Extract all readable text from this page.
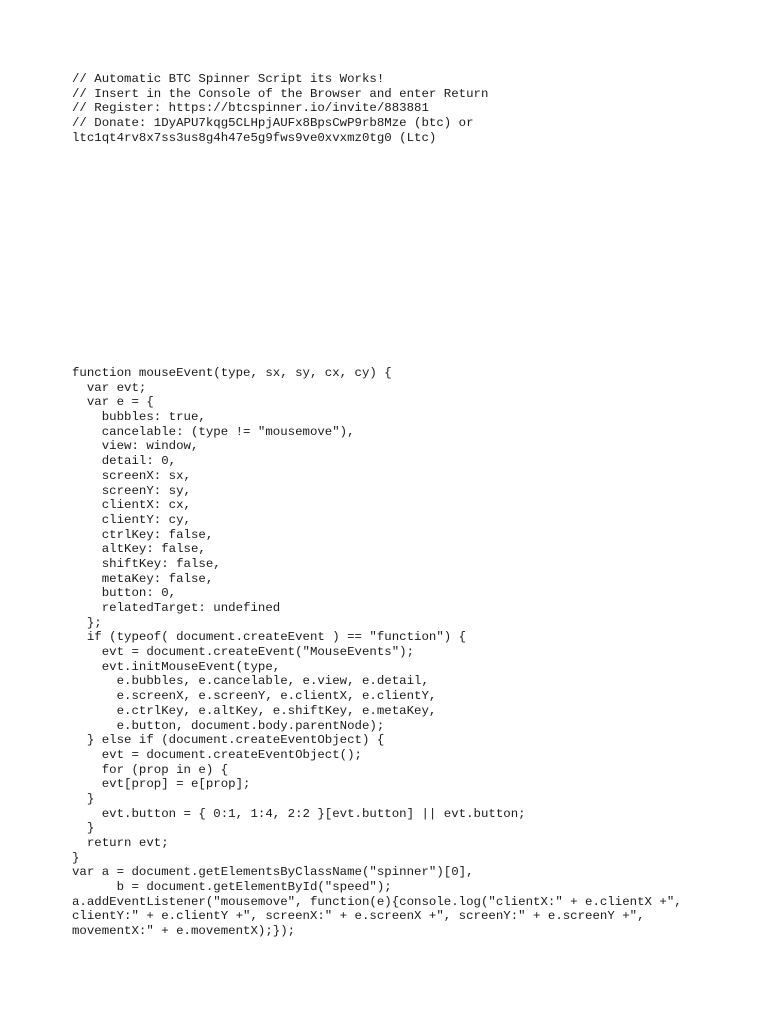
// Automatic BTC Spinner Script its Works!
// Insert in the Console of the Browser and enter Return
// Register: https://btcspinner.io/invite/883881
// Donate: 1DyAPU7kqg5CLHpjAUFx8BpsCwP9rb8Mze (btc) or
ltc1qt4rv8x7ss3us8g4h47e5g9fws9ve0xvxmz0tg0 (Ltc)
function mouseEvent(type, sx, sy, cx, cy) {
var evt;
var e = {
bubbles: true,
cancelable: (type != "mousemove"),
view: window,
detail: 0,
screenX: sx,
screenY: sy,
clientX: cx,
clientY: cy,
ctrlKey: false,
altKey: false,
shiftKey: false,
metaKey: false,
button: 0,
relatedTarget: undefined
};
if (typeof( document.createEvent ) == "function") {
evt = document.createEvent("MouseEvents");
evt.initMouseEvent(type,
e.bubbles, e.cancelable, e.view, e.detail,
e.screenX, e.screenY, e.clientX, e.clientY,
e.ctrlKey, e.altKey, e.shiftKey, e.metaKey,
e.button, document.body.parentNode);
} else if (document.createEventObject) {
evt = document.createEventObject();
for (prop in e) {
evt[prop] = e[prop];
}
evt.button = { 0:1, 1:4, 2:2 }[evt.button] || evt.button;
}
return evt;
}
var a = document.getElementsByClassName("spinner")[0],
b = document.getElementById("speed");
a.addEventListener("mousemove", function(e){console.log("clientX:" + e.clientX +",
clientY:" + e.clientY +", screenX:" + e.screenX +", screenY:" + e.screenY +",
movementX:" + e.movementX);});
